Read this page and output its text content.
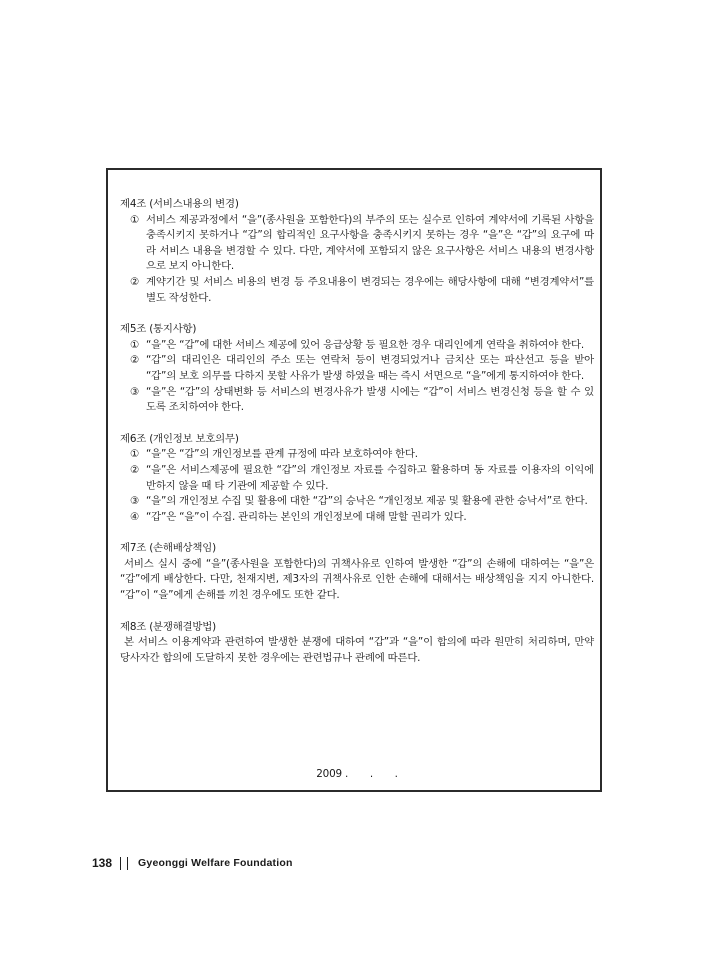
제4조 (서비스내용의 변경)

① 서비스 제공과정에서 “을”(종사원을 포함한다)의 부주의 또는 실수로 인하여 계약서에 기록된 사항을 충족시키지 못하거나 “갑”의 합리적인 요구사항을 충족시키지 못하는 경우 “을”은 “갑”의 요구에 따라 서비스 내용을 변경할 수 있다. 다만, 계약서에 포함되지 않은 요구사항은 서비스 내용의 변경사항으로 보지 아니한다.
② 계약기간 및 서비스 비용의 변경 등 주요내용이 변경되는 경우에는 해당사항에 대해 “변경계약서”를 별도 작성한다.

제5조 (통지사항)

① “을”은 “갑”에 대한 서비스 제공에 있어 응급상황 등 필요한 경우 대리인에게 연락을 취하여야 한다.
② “갑”의 대리인은 대리인의 주소 또는 연락처 등이 변경되었거나 금치산 또는 파산선고 등을 받아 “갑”의 보호 의무를 다하지 못할 사유가 발생 하였을 때는 즉시 서면으로 “을”에게 통지하여야 한다.
③ “을”은 “갑”의 상태변화 등 서비스의 변경사유가 발생 시에는 “갑”이 서비스 변경신청 등을 할 수 있도록 조치하여야 한다.

제6조 (개인정보 보호의무)

① “을”은 “갑”의 개인정보를 관계 규정에 따라 보호하여야 한다.
② “을”은 서비스제공에 필요한 “갑”의 개인정보 자료를 수집하고 활용하며 동 자료를 이용자의 이익에 반하지 않을 때 타 기관에 제공할 수 있다.
③ “을”의 개인정보 수집 및 활용에 대한 “갑”의 승낙은 “개인정보 제공 및 활용에 관한 승낙서”로 한다.
④ “갑”은 “을”이 수집. 관리하는 본인의 개인정보에 대해 말할 권리가 있다.

제7조 (손해배상책임)

서비스 실시 중에 “을”(종사원을 포함한다)의 귀책사유로 인하여 발생한 “갑”의 손해에 대하여는 “을”은 “갑”에게 배상한다. 다만, 천재지변, 제3자의 귀책사유로 인한 손해에 대해서는 배상책임을 지지 아니한다. “갑”이 “을”에게 손해를 끼친 경우에도 또한 같다.

제8조 (분쟁해결방법)

본 서비스 이용계약과 관련하여 발생한 분쟁에 대하여 “갑”과 “을”이 합의에 따라 원만히 처리하며, 만약 당사자간 합의에 도달하지 못한 경우에는 관련법규나 관례에 따른다.
2009 .       .       .
138 Gyeonggi Welfare Foundation
